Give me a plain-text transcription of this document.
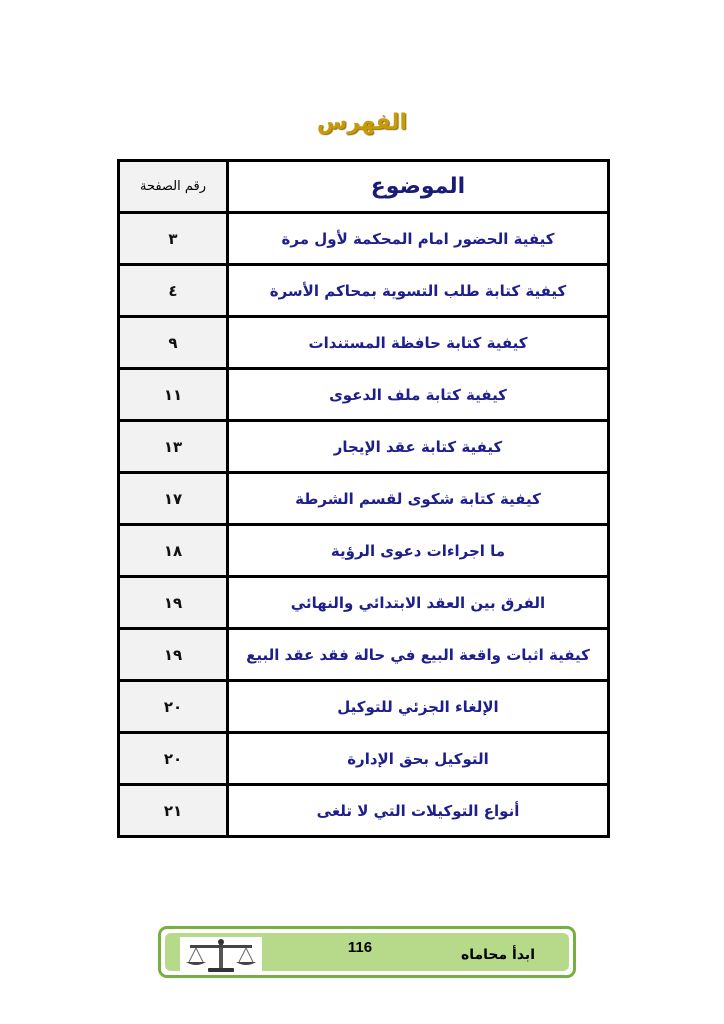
الفهرس
الموضوع	رقم الصفحة
كيفية الحضور امام المحكمة لأول مرة	٣
كيفية كتابة طلب التسوية بمحاكم الأسرة	٤
كيفية كتابة حافظة المستندات	٩
كيفية كتابة ملف الدعوى	١١
كيفية كتابة عقد الإيجار	١٣
كيفية كتابة شكوى لقسم الشرطة	١٧
ما اجراءات دعوى الرؤية	١٨
الفرق بين العقد الابتدائي والنهائي	١٩
كيفية اثبات واقعة البيع في حالة فقد عقد البيع	١٩
الإلغاء الجزئي للتوكيل	٢٠
التوكيل بحق الإدارة	٢٠
أنواع التوكيلات التي لا تلغى	٢١
116	ابدأ محاماه
